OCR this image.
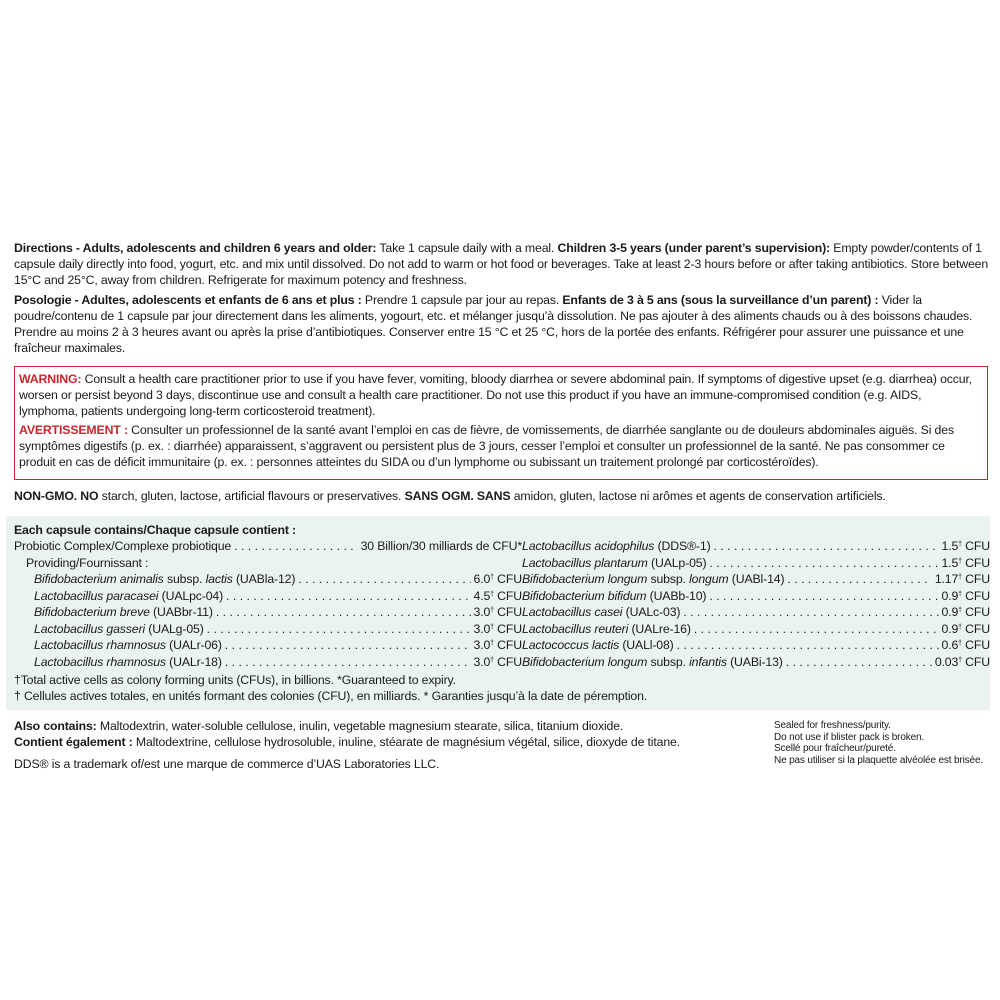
Directions - Adults, adolescents and children 6 years and older: Take 1 capsule daily with a meal. Children 3-5 years (under parent’s supervision): Empty powder/contents of 1 capsule daily directly into food, yogurt, etc. and mix until dissolved. Do not add to warm or hot food or beverages. Take at least 2-3 hours before or after taking antibiotics. Store between 15°C and 25°C, away from children. Refrigerate for maximum potency and freshness.

Posologie - Adultes, adolescents et enfants de 6 ans et plus : Prendre 1 capsule par jour au repas. Enfants de 3 à 5 ans (sous la surveillance d’un parent) : Vider la poudre/contenu de 1 capsule par jour directement dans les aliments, yogourt, etc. et mélanger jusqu’à dissolution. Ne pas ajouter à des aliments chauds ou à des boissons chaudes. Prendre au moins 2 à 3 heures avant ou après la prise d’antibiotiques. Conserver entre 15 °C et 25 °C, hors de la portée des enfants. Réfrigérer pour assurer une puissance et une fraîcheur maximales.

WARNING: Consult a health care practitioner prior to use if you have fever, vomiting, bloody diarrhea or severe abdominal pain. If symptoms of digestive upset (e.g. diarrhea) occur, worsen or persist beyond 3 days, discontinue use and consult a health care practitioner. Do not use this product if you have an immune-compromised condition (e.g. AIDS, lymphoma, patients undergoing long-term corticosteroid treatment).

AVERTISSEMENT : Consulter un professionnel de la santé avant l’emploi en cas de fièvre, de vomissements, de diarrhée sanglante ou de douleurs abdominales aiguës. Si des symptômes digestifs (p. ex. : diarrhée) apparaissent, s’aggravent ou persistent plus de 3 jours, cesser l’emploi et consulter un professionnel de la santé. Ne pas consommer ce produit en cas de déficit immunitaire (p. ex. : personnes atteintes du SIDA ou d’un lymphome ou subissant un traitement prolongé par corticostéroïdes).

NON-GMO. NO starch, gluten, lactose, artificial flavours or preservatives. SANS OGM. SANS amidon, gluten, lactose ni arômes et agents de conservation artificiels.

Each capsule contains/Chaque capsule contient :
Probiotic Complex/Complexe probiotique . . .	30 Billion/30 milliards de CFU*
Providing/Fournissant :
Bifidobacterium animalis subsp. lactis (UABla-12) . . .	6.0† CFU
Lactobacillus paracasei (UALpc-04) . . .	4.5† CFU
Bifidobacterium breve (UABbr-11) . . .	3.0† CFU
Lactobacillus gasseri (UALg-05) . . .	3.0† CFU
Lactobacillus rhamnosus (UALr-06) . . .	3.0† CFU
Lactobacillus rhamnosus (UALr-18) . . .	3.0† CFU
Lactobacillus acidophilus (DDS®-1) . . .	1.5† CFU
Lactobacillus plantarum (UALp-05) . . .	1.5† CFU
Bifidobacterium longum subsp. longum (UABl-14) . . .	1.17† CFU
Bifidobacterium bifidum (UABb-10) . . .	0.9† CFU
Lactobacillus casei (UALc-03) . . .	0.9† CFU
Lactobacillus reuteri (UALre-16) . . .	0.9† CFU
Lactococcus lactis (UALl-08) . . .	0.6† CFU
Bifidobacterium longum subsp. infantis (UABi-13) . . .	0.03† CFU
†Total active cells as colony forming units (CFUs), in billions. *Guaranteed to expiry.
† Cellules actives totales, en unités formant des colonies (CFU), en milliards. * Garanties jusqu’à la date de péremption.

Also contains: Maltodextrin, water-soluble cellulose, inulin, vegetable magnesium stearate, silica, titanium dioxide.

Contient également : Maltodextrine, cellulose hydrosoluble, inuline, stéarate de magnésium végétal, silice, dioxyde de titane.

DDS® is a trademark of/est une marque de commerce d’UAS Laboratories LLC.

Sealed for freshness/purity.
Do not use if blister pack is broken.
Scellé pour fraîcheur/pureté.
Ne pas utiliser si la plaquette alvéolée est brisée.
